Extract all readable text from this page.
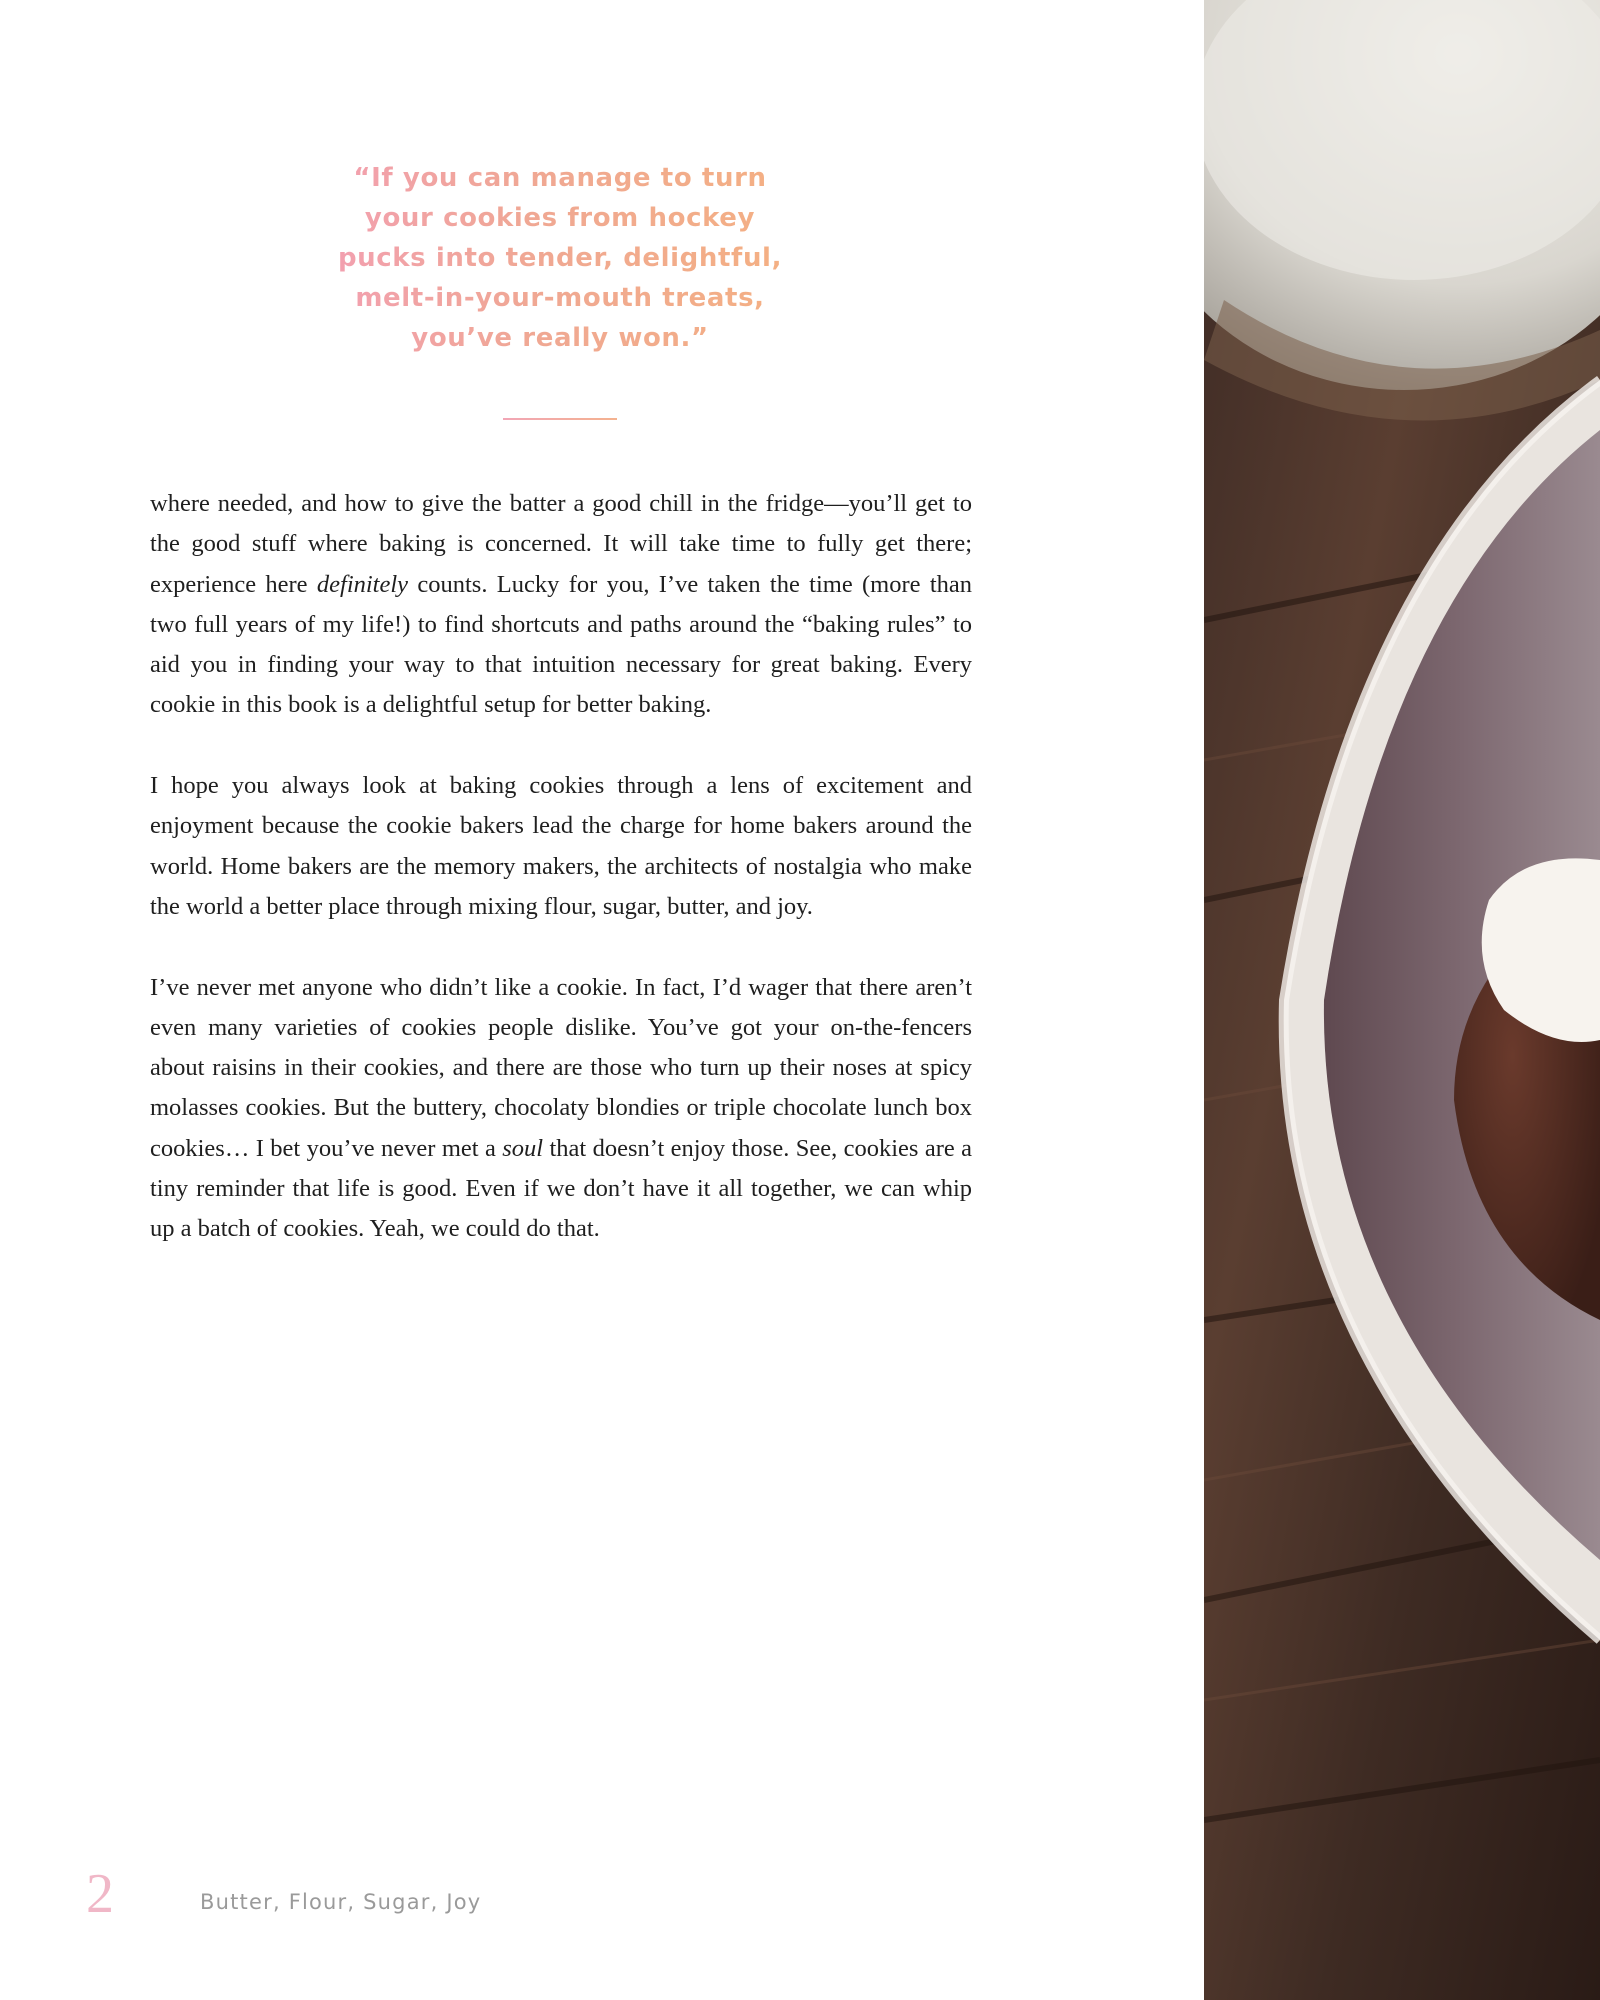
“If you can manage to turn
your cookies from hockey
pucks into tender, delightful,
melt-in-your-mouth treats,
you’ve really won.”

where needed, and how to give the batter a good chill in the fridge—you’ll get to the good stuff where baking is concerned. It will take time to fully get there; experience here definitely counts. Lucky for you, I’ve taken the time (more than two full years of my life!) to find shortcuts and paths around the “baking rules” to aid you in finding your way to that intuition necessary for great baking. Every cookie in this book is a delightful setup for better baking.

I hope you always look at baking cookies through a lens of excitement and enjoyment because the cookie bakers lead the charge for home bakers around the world. Home bakers are the memory makers, the architects of nostalgia who make the world a better place through mixing flour, sugar, butter, and joy.

I’ve never met anyone who didn’t like a cookie. In fact, I’d wager that there aren’t even many varieties of cookies people dislike. You’ve got your on-the-fencers about raisins in their cookies, and there are those who turn up their noses at spicy molasses cookies. But the buttery, chocolaty blondies or triple chocolate lunch box cookies… I bet you’ve never met a soul that doesn’t enjoy those. See, cookies are a tiny reminder that life is good. Even if we don’t have it all together, we can whip up a batch of cookies. Yeah, we could do that.

2	Butter, Flour, Sugar, Joy
